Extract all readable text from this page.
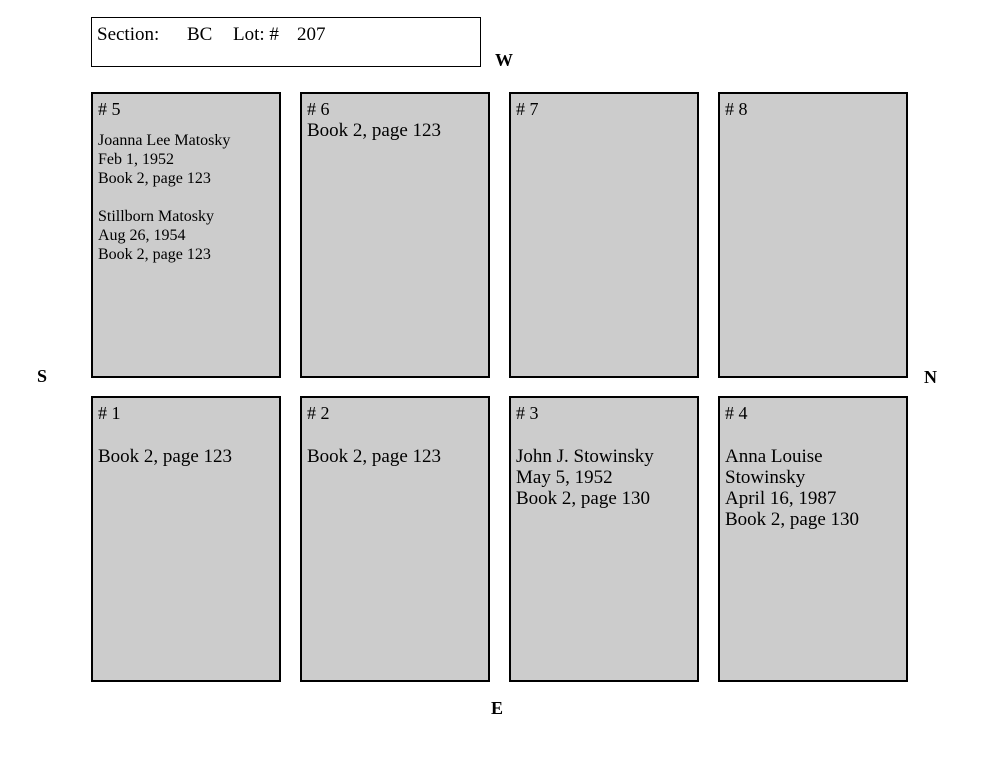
Section: BC Lot: # 207
W
E
S	N
# 5
Joanna Lee Matosky
Feb 1, 1952
Book 2, page 123
Stillborn Matosky
Aug 26, 1954
Book 2, page 123
# 6
Book 2, page 123
# 7	# 8
# 1
Book 2, page 123
# 2
Book 2, page 123
# 3
John J. Stowinsky
May 5, 1952
Book 2, page 130
# 4
Anna Louise
Stowinsky
April 16, 1987
Book 2, page 130
